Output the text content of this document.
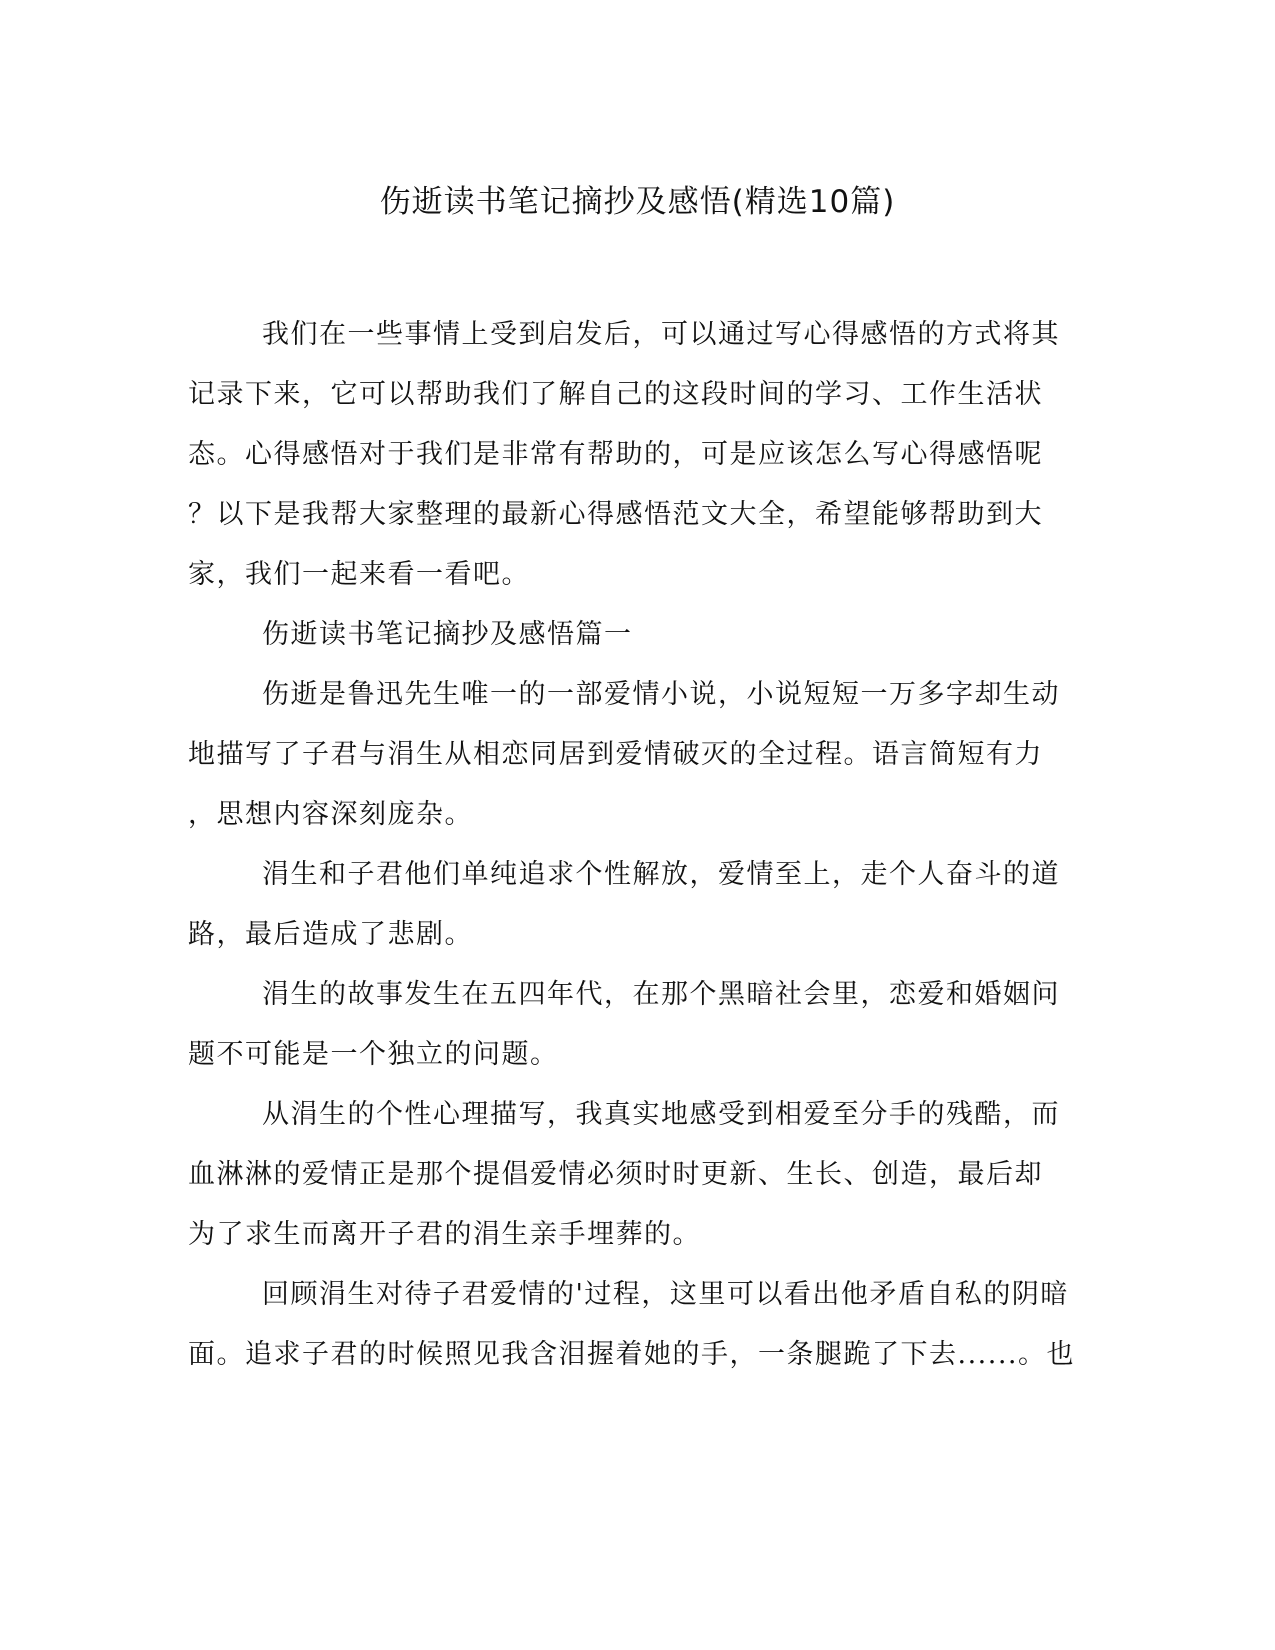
伤逝读书笔记摘抄及感悟(精选10篇)

我们在一些事情上受到启发后，可以通过写心得感悟的方式将其

记录下来，它可以帮助我们了解自己的这段时间的学习、工作生活状

态。心得感悟对于我们是非常有帮助的，可是应该怎么写心得感悟呢

？以下是我帮大家整理的最新心得感悟范文大全，希望能够帮助到大

家，我们一起来看一看吧。

伤逝读书笔记摘抄及感悟篇一

伤逝是鲁迅先生唯一的一部爱情小说，小说短短一万多字却生动

地描写了子君与涓生从相恋同居到爱情破灭的全过程。语言简短有力

，思想内容深刻庞杂。

涓生和子君他们单纯追求个性解放，爱情至上，走个人奋斗的道

路，最后造成了悲剧。

涓生的故事发生在五四年代，在那个黑暗社会里，恋爱和婚姻问

题不可能是一个独立的问题。

从涓生的个性心理描写，我真实地感受到相爱至分手的残酷，而

血淋淋的爱情正是那个提倡爱情必须时时更新、生长、创造，最后却

为了求生而离开子君的涓生亲手埋葬的。

回顾涓生对待子君爱情的'过程，这里可以看出他矛盾自私的阴暗

面。追求子君的时候照见我含泪握着她的手，一条腿跪了下去......。也
